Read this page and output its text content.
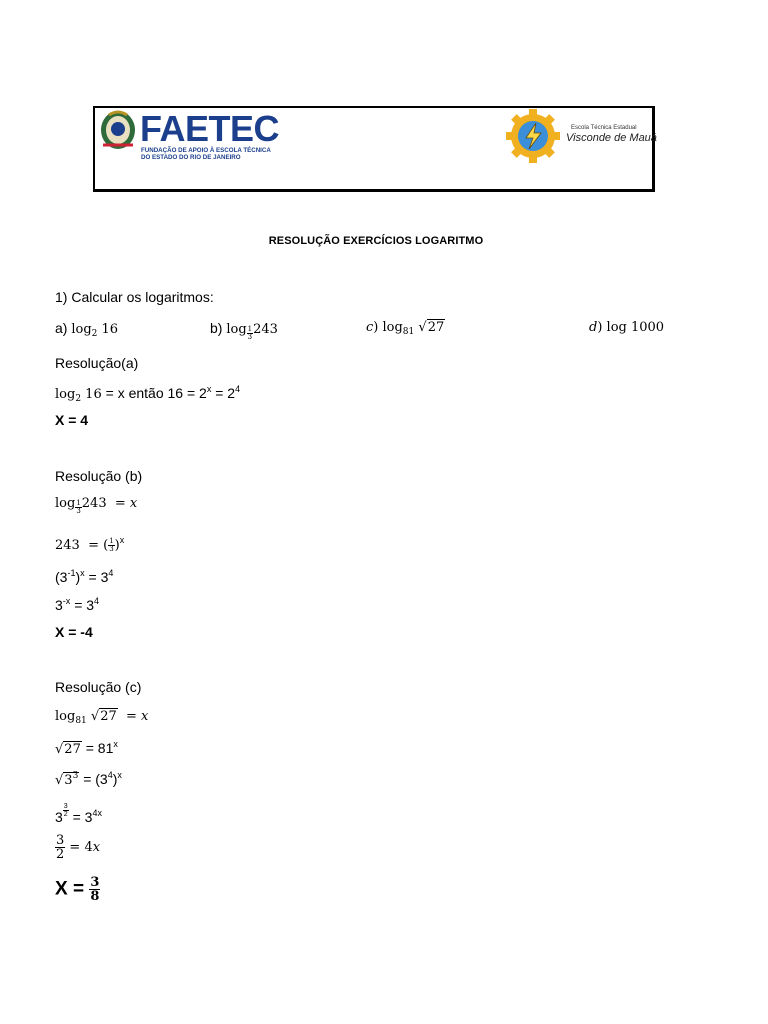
FAETEC
FUNDAÇÃO DE APOIO À ESCOLA TÉCNICA
DO ESTADO DO RIO DE JANEIRO
Escola Técnica Estadual
Visconde de Mauá
RESOLUÇÃO EXERCÍCIOS LOGARITMO
1) Calcular os logaritmos:
a) $\log_2 16$	b) $\log \frac{1}{3} 243$	c) $\log_{81} √27$	d) log 1000
Resolução(a)
$\log_2 16 = x$ então $16 = 2^x = 2^4$
X = 4
Resolução (b)
$\log \frac{1}{3} 243 = x$
243  = ( $\frac{1}{3} )^x$
$(3^{-1})^x = 3^4$
$3^{-x} = 3^4$
X = -4
Resolução (c)
$\log_{81} √27 = x$
$√27 = 81^x$
$√3^3 = (3^4)^x$
$3 \frac{3}{2} = 3^{4x}$
$\frac{3}{2} = 4x$
$X = \frac{3}{8}$
